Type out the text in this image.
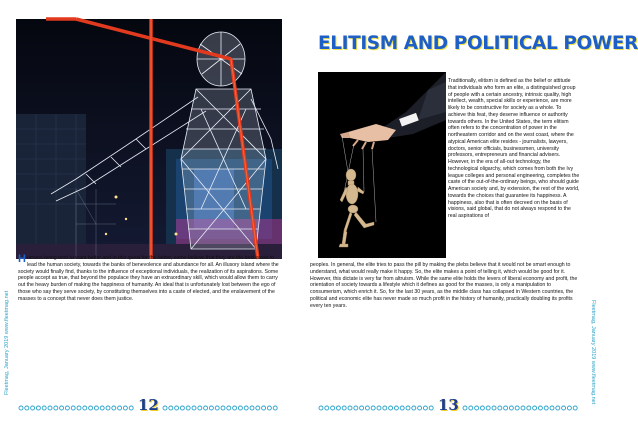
Fleetmag, January 2019 www.fleetmag.net	Fleetmag, January 2019 www.fleetmag.net

Humans being tend to want better and in this quest for the better, some believe that they are the best asset to lead the human society, towards the banks of benevolence and abundance for all. An illusory island where the society would finally find, thanks to the influence of exceptional individuals, the realization of its aspirations. Some people accept as true, that beyond the populace they have an extraordinary skill, which would allow them to carry out the heavy burden of making the happiness of humanity. An ideal that is unfortunately lost between the ego of those who say they serve society, by constituting themselves into a caste of elected, and the enslavement of the masses to a concept that never does them justice.

12
ELITISM AND POLITICAL POWER
Traditionally, elitism is defined as the belief or attitude that individuals who form an elite, a distinguished group of people with a certain ancestry, intrinsic quality, high intellect, wealth, special skills or experience, are more likely to be constructive for society as a whole. To achieve this feat, they deserve influence or authority towards others. In the United States, the term elitism often refers to the concentration of power in the northeastern corridor and on the west coast, where the atypical American elite resides - journalists, lawyers, doctors, senior officials, businessmen, university professors, entrepreneurs and financial advisers. However, in the era of all-out technology, the technological oligarchy, which comes from both the Ivy league colleges and personal engineering, completes the caste of the out-of-the-ordinary beings, who should guide American society and, by extension, the rest of the world, towards the choices that guarantee its happiness. A happiness, also that is often decreed on the basis of visions, said global, that do not always respond to the real aspirations of
peoples. In general, the elite tries to pass the pill by making the plebs believe that it would not be smart enough to understand, what would really make it happy. So, the elite makes a point of telling it, which would be good for it. However, this dictate is very far from altruism. While the same elite holds the levers of liberal economy and profit, the orientation of society towards a lifestyle which it defines as good for the masses, is only a manipulation to consumerism, which enrich it. So, for the last 30 years, as the middle class has collapsed in Western countries, the political and economic elite has never made so much profit in the history of humanity, practically doubling its profits every ten years.
13
